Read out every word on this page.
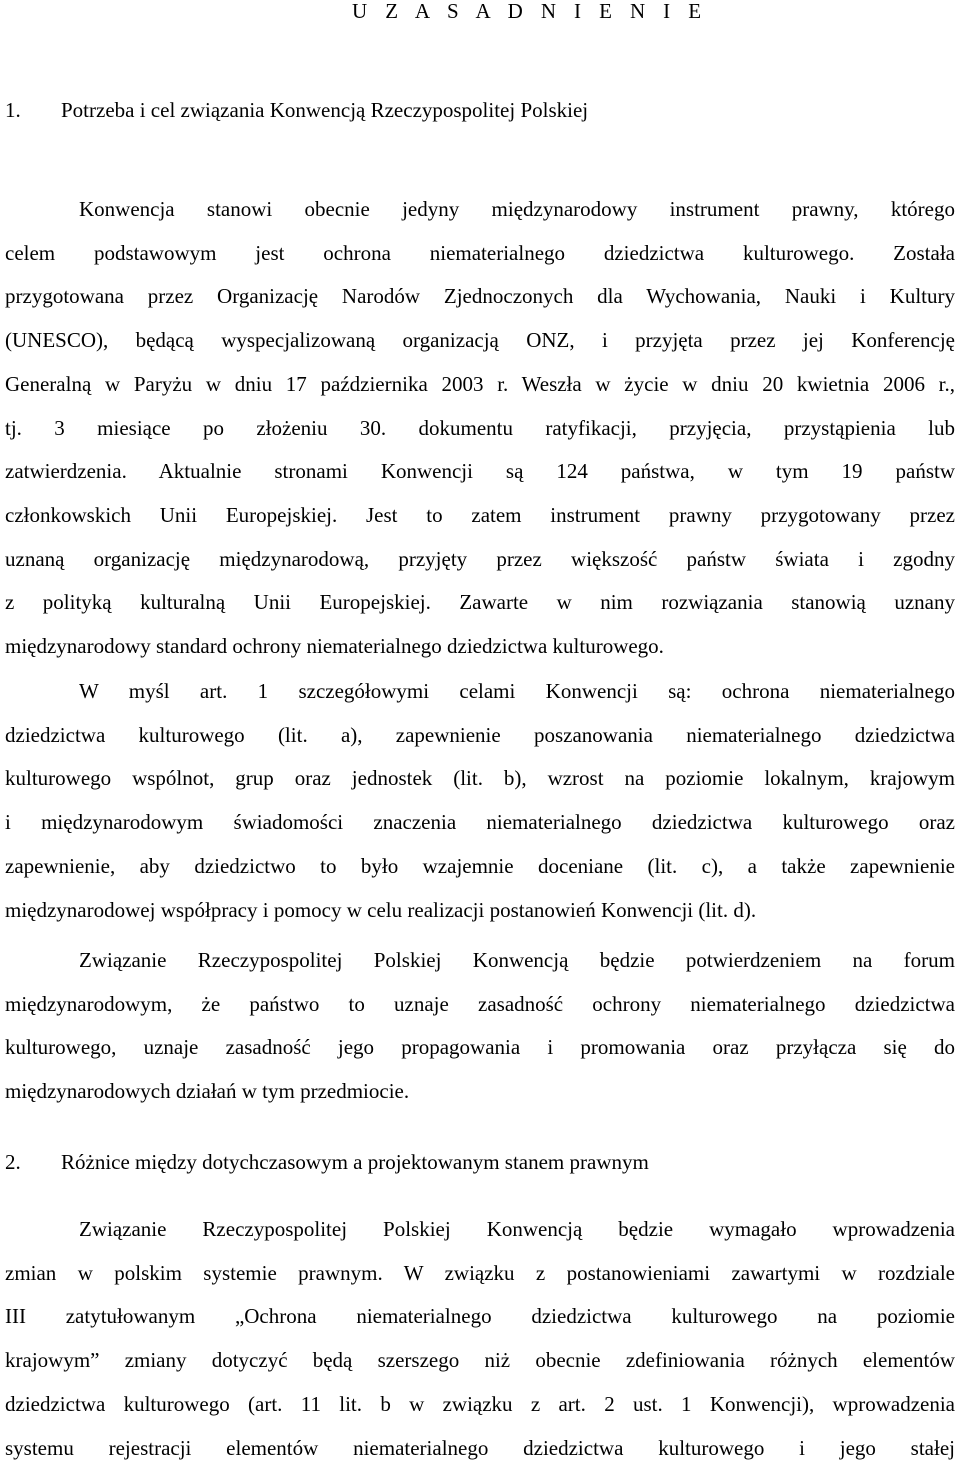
U Z A S A D N I E N I E
1. Potrzeba i cel związania Konwencją Rzeczypospolitej Polskiej
Konwencja stanowi obecnie jedyny międzynarodowy instrument prawny, którego
celem podstawowym jest ochrona niematerialnego dziedzictwa kulturowego. Została
przygotowana przez Organizację Narodów Zjednoczonych dla Wychowania, Nauki i Kultury
(UNESCO), będącą wyspecjalizowaną organizacją ONZ, i przyjęta przez jej Konferencję
Generalną w Paryżu w dniu 17 października 2003 r. Weszła w życie w dniu 20 kwietnia 2006 r.,
tj. 3 miesiące po złożeniu 30. dokumentu ratyfikacji, przyjęcia, przystąpienia lub
zatwierdzenia. Aktualnie stronami Konwencji są 124 państwa, w tym 19 państw
członkowskich Unii Europejskiej. Jest to zatem instrument prawny przygotowany przez
uznaną organizację międzynarodową, przyjęty przez większość państw świata i zgodny
z polityką kulturalną Unii Europejskiej. Zawarte w nim rozwiązania stanowią uznany
międzynarodowy standard ochrony niematerialnego dziedzictwa kulturowego.
W myśl art. 1 szczegółowymi celami Konwencji są: ochrona niematerialnego
dziedzictwa kulturowego (lit. a), zapewnienie poszanowania niematerialnego dziedzictwa
kulturowego wspólnot, grup oraz jednostek (lit. b), wzrost na poziomie lokalnym, krajowym
i międzynarodowym świadomości znaczenia niematerialnego dziedzictwa kulturowego oraz
zapewnienie, aby dziedzictwo to było wzajemnie doceniane (lit. c), a także zapewnienie
międzynarodowej współpracy i pomocy w celu realizacji postanowień Konwencji (lit. d).
Związanie Rzeczypospolitej Polskiej Konwencją będzie potwierdzeniem na forum
międzynarodowym, że państwo to uznaje zasadność ochrony niematerialnego dziedzictwa
kulturowego, uznaje zasadność jego propagowania i promowania oraz przyłącza się do
międzynarodowych działań w tym przedmiocie.
2. Różnice między dotychczasowym a projektowanym stanem prawnym
Związanie Rzeczypospolitej Polskiej Konwencją będzie wymagało wprowadzenia
zmian w polskim systemie prawnym. W związku z postanowieniami zawartymi w rozdziale
III zatytułowanym „Ochrona niematerialnego dziedzictwa kulturowego na poziomie
krajowym” zmiany dotyczyć będą szerszego niż obecnie zdefiniowania różnych elementów
dziedzictwa kulturowego (art. 11 lit. b w związku z art. 2 ust. 1 Konwencji), wprowadzenia
systemu rejestracji elementów niematerialnego dziedzictwa kulturowego i jego stałej
